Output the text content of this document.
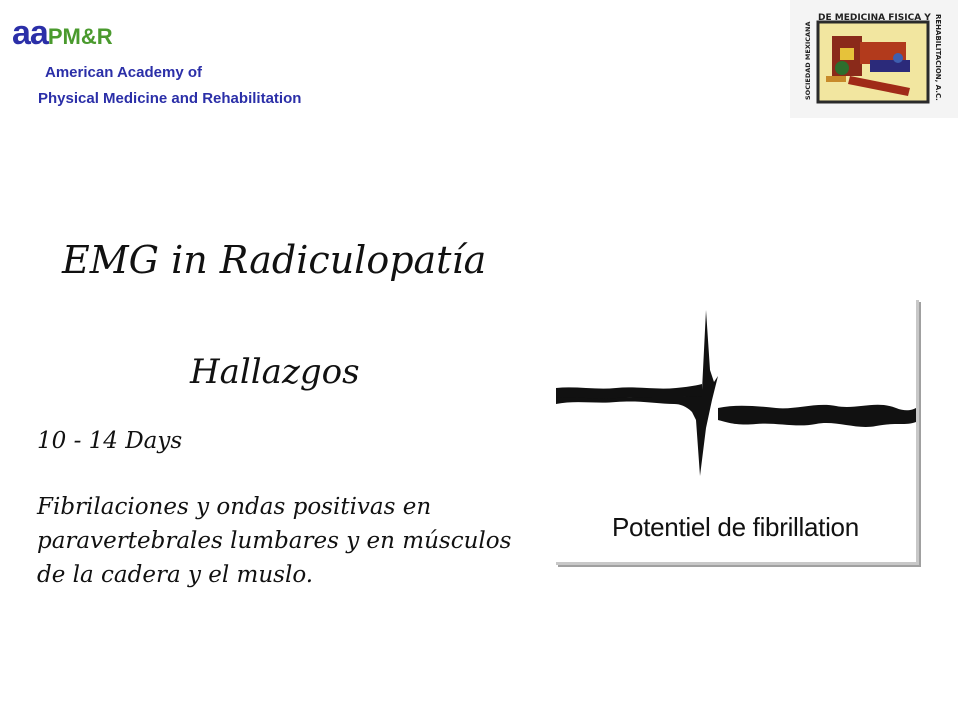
aaPM&R
American Academy of
Physical Medicine and Rehabilitation
DE MEDICINA FISICA Y
SOCIEDAD MEXICANA	REHABILITACION, A.C.
EMG in Radiculopatía
Hallazgos
10 - 14 Days
Fibrilaciones y ondas positivas en paravertebrales lumbares y en músculos de la cadera y el muslo.
Potentiel de fibrillation
